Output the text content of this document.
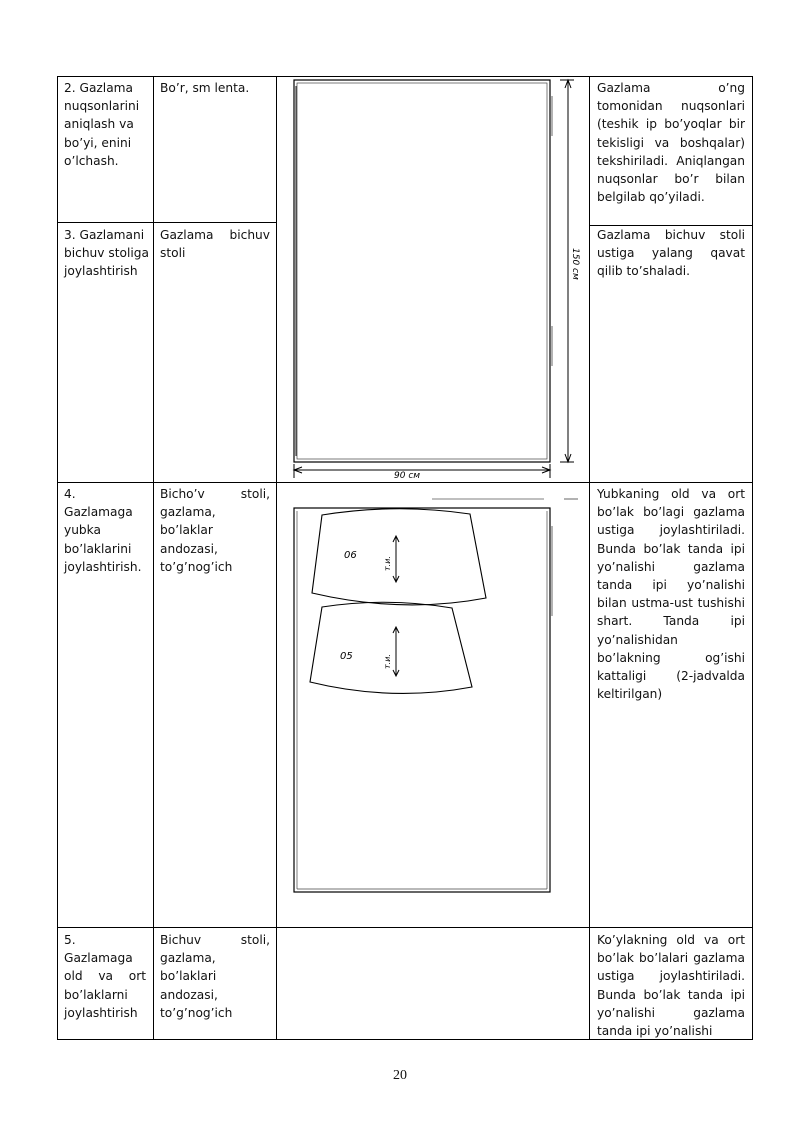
2. Gazlama nuqsonlarini aniqlash va bo’yi, enini o’lchash.
Bo’r, sm lenta.	Gazlama o’ng tomonidan nuqsonlari (teshik ip bo’yoqlar bir tekisligi va boshqalar) tekshiriladi. Aniqlangan nuqsonlar bo’r bilan belgilab qo’yiladi.
3. Gazlamani bichuv stoliga joylashtirish
Gazlama bichuv stoli
Gazlama bichuv stoli ustiga yalang qavat qilib to’shaladi.
4. Gazlamaga yubka bo’laklarini joylashtirish.
Bicho’v stoli, gazlama, bo’laklar andozasi, to’g’nog’ich
Yubkaning old va ort bo’lak bo’lagi gazlama ustiga joylashtiriladi. Bunda bo’lak tanda ipi yo’nalishi gazlama tanda ipi yo’nalishi bilan ustma-ust tushishi shart. Tanda ipi yo’nalishidan bo’lakning og’ishi kattaligi (2-jadvalda keltirilgan)
5. Gazlamaga old va ort bo’laklarni joylashtirish
Bichuv stoli, gazlama, bo’laklari andozasi, to’g’nog’ich
Ko’ylakning old va ort bo’lak bo’lalari gazlama ustiga joylashtiriladi. Bunda bo’lak tanda ipi yo’nalishi gazlama tanda ipi yo’nalishi
150 см
90 см
06
05
т.и.
т.и.
20
